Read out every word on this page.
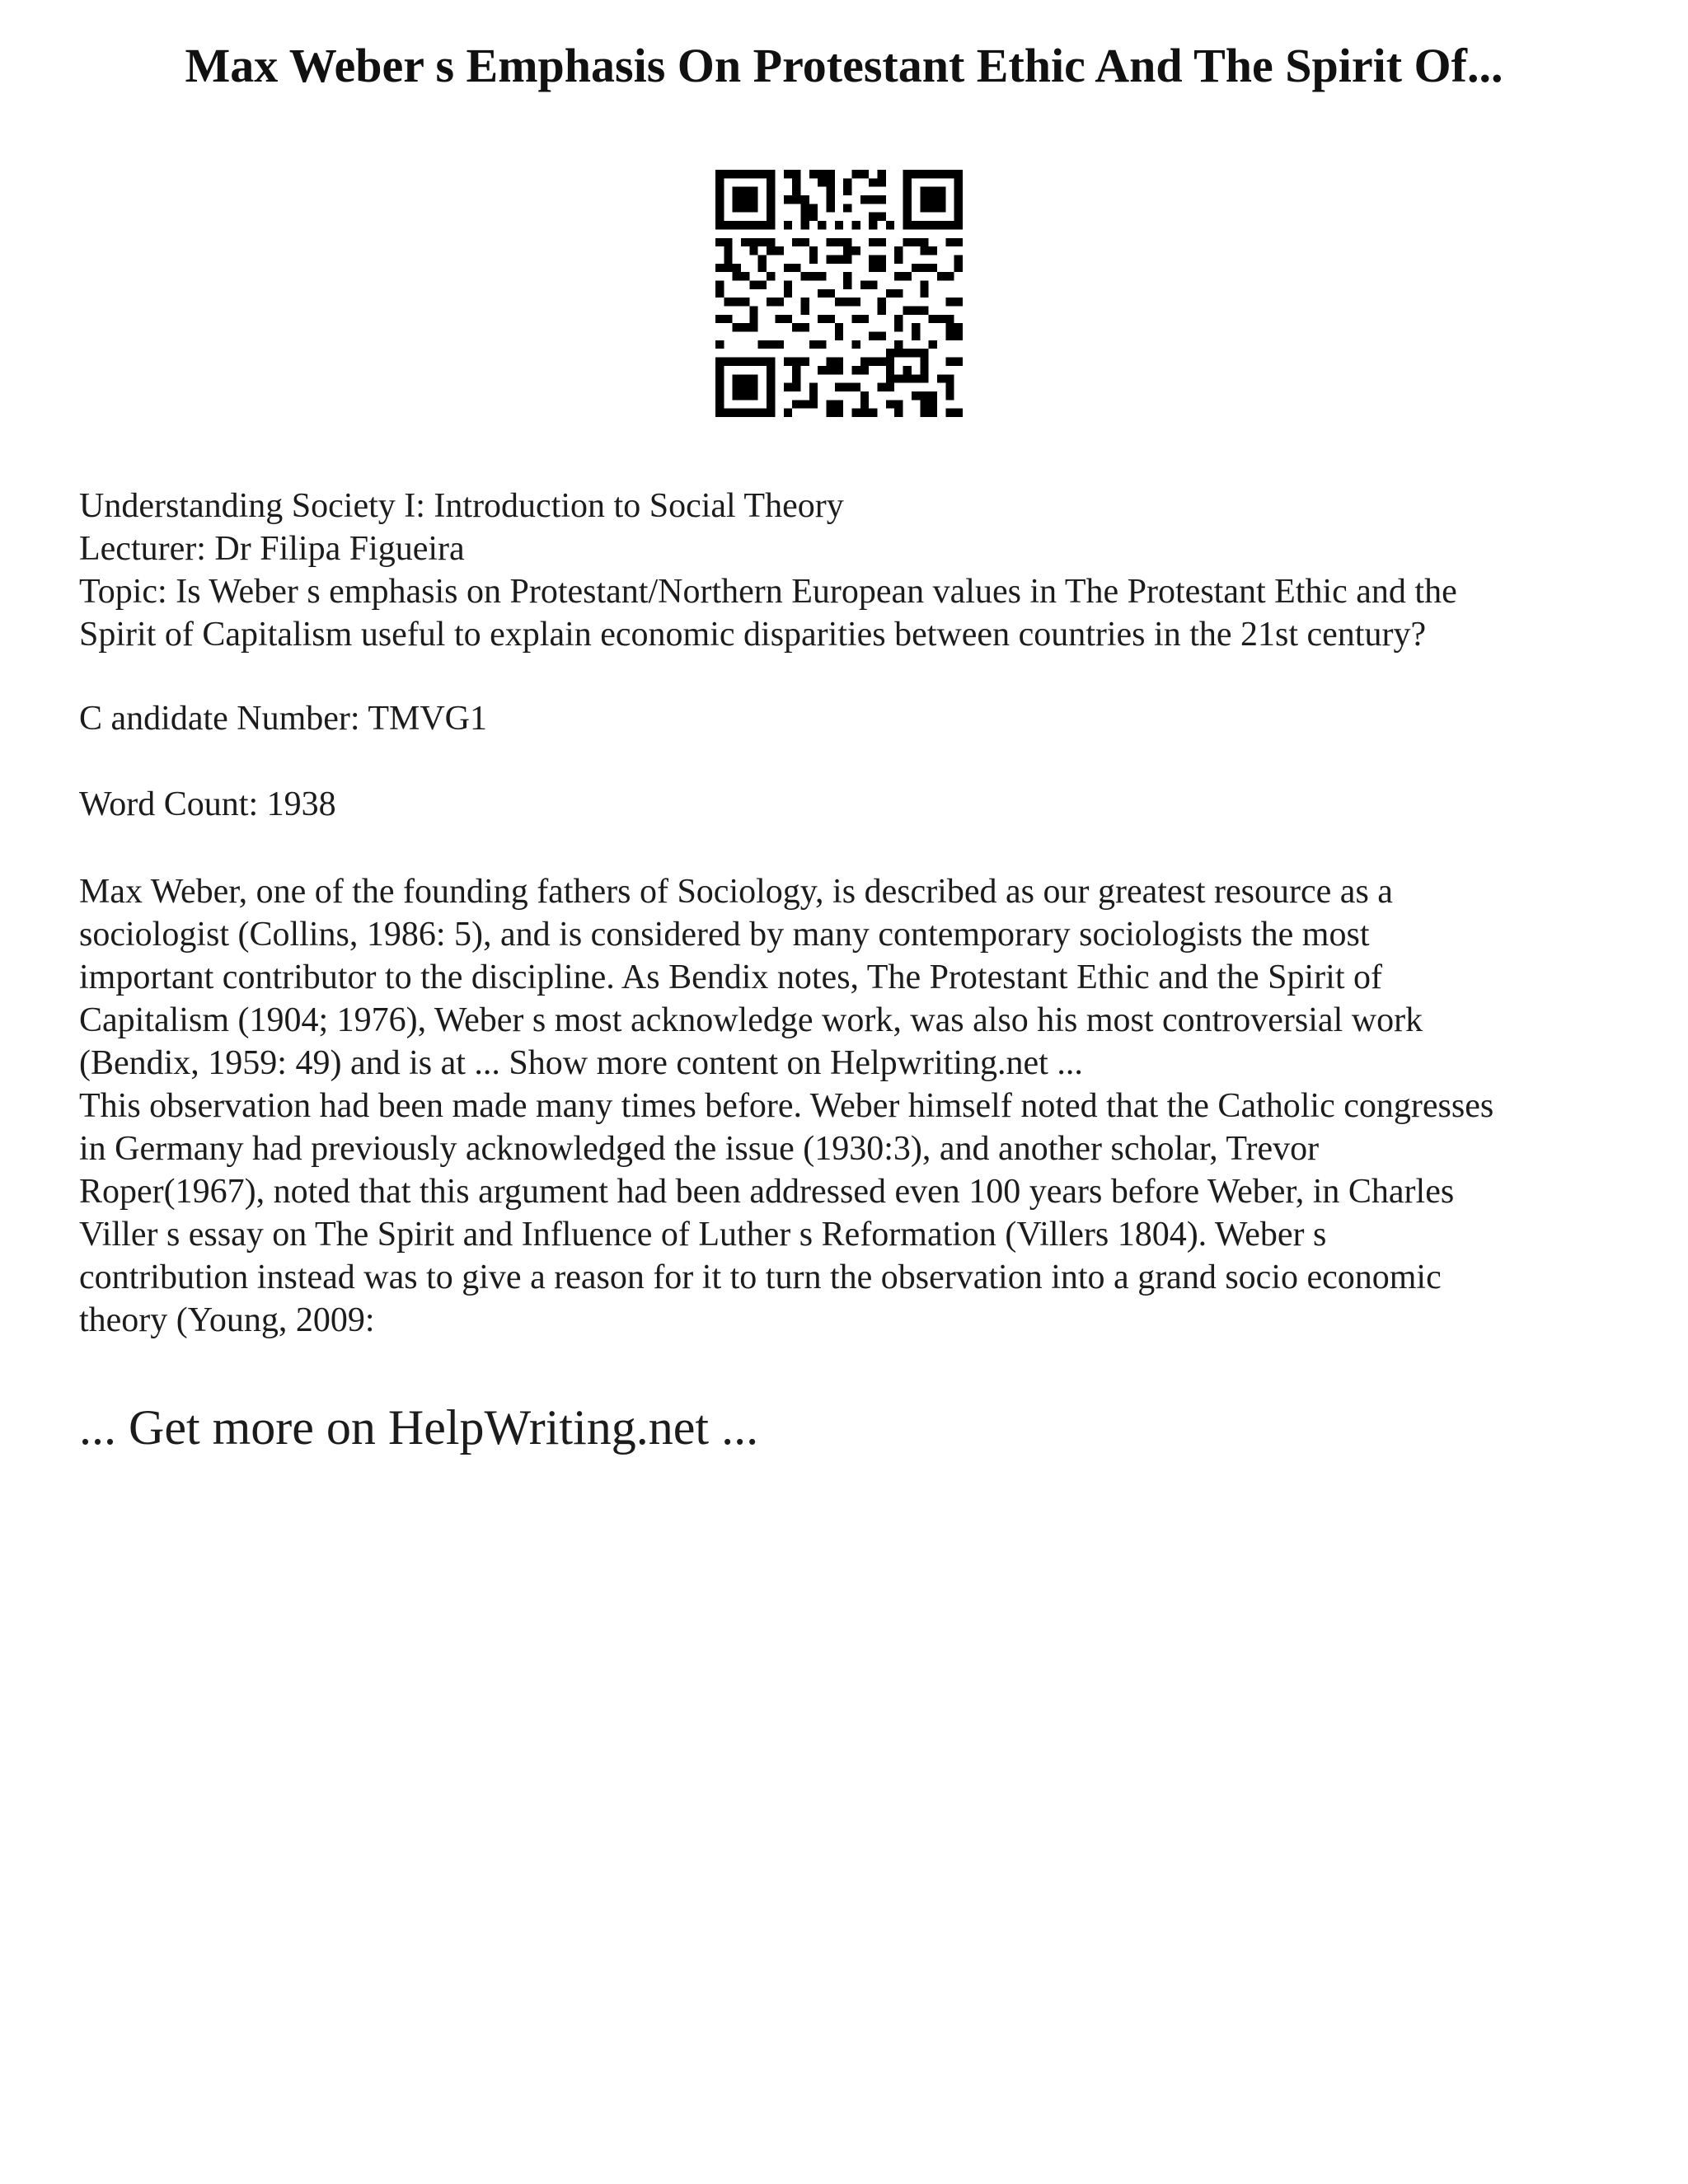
Max Weber s Emphasis On Protestant Ethic And The Spirit Of...
Understanding Society I: Introduction to Social Theory
Lecturer: Dr Filipa Figueira
Topic: Is Weber s emphasis on Protestant/Northern European values in The Protestant Ethic and the
Spirit of Capitalism useful to explain economic disparities between countries in the 21st century?
C andidate Number: TMVG1
Word Count: 1938
Max Weber, one of the founding fathers of Sociology, is described as our greatest resource as a
sociologist (Collins, 1986: 5), and is considered by many contemporary sociologists the most
important contributor to the discipline. As Bendix notes, The Protestant Ethic and the Spirit of
Capitalism (1904; 1976), Weber s most acknowledge work, was also his most controversial work
(Bendix, 1959: 49) and is at ... Show more content on Helpwriting.net ...
This observation had been made many times before. Weber himself noted that the Catholic congresses
in Germany had previously acknowledged the issue (1930:3), and another scholar, Trevor
Roper(1967), noted that this argument had been addressed even 100 years before Weber, in Charles
Viller s essay on The Spirit and Influence of Luther s Reformation (Villers 1804). Weber s
contribution instead was to give a reason for it to turn the observation into a grand socio economic
theory (Young, 2009:
... Get more on HelpWriting.net ...
